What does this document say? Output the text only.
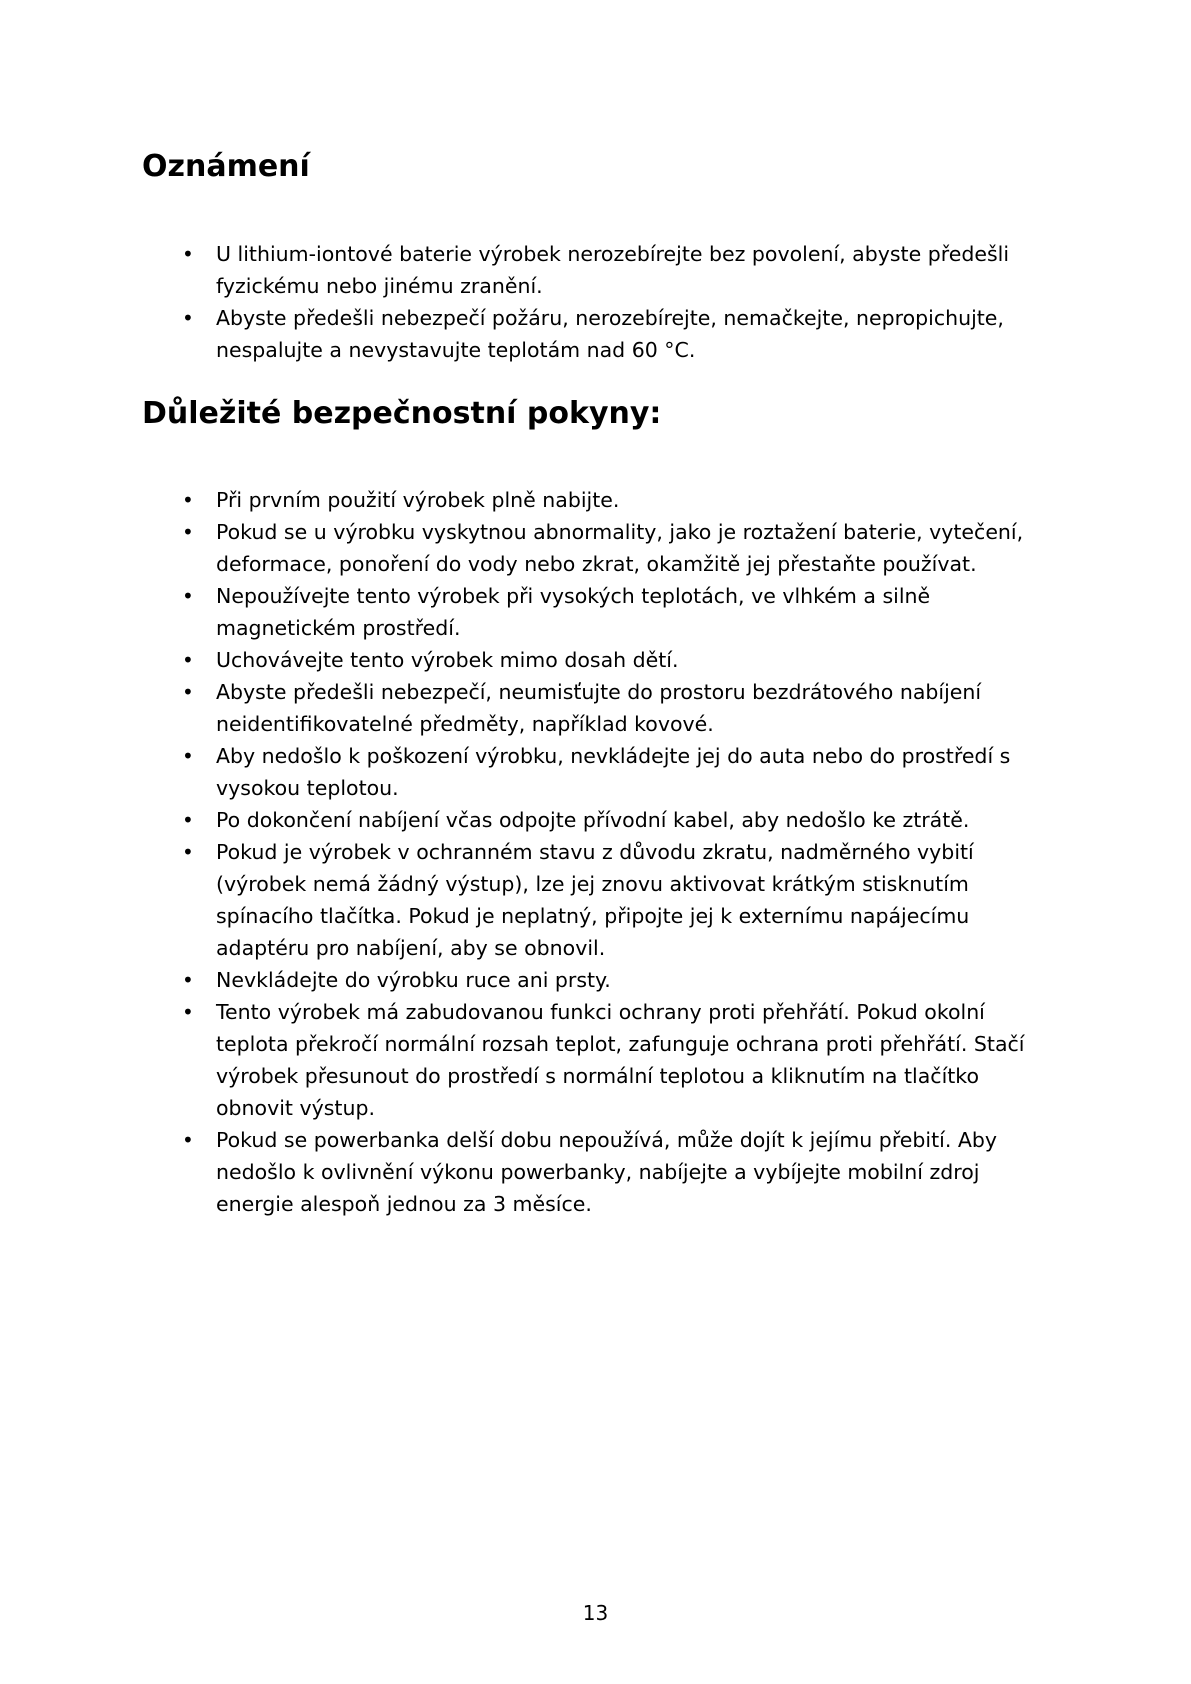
Oznámení
• U lithium-iontové baterie výrobek nerozebírejte bez povolení, abyste předešli fyzickému nebo jinému zranění.
• Abyste předešli nebezpečí požáru, nerozebírejte, nemačkejte, nepropichujte, nespalujte a nevystavujte teplotám nad 60 °C.
Důležité bezpečnostní pokyny:
• Při prvním použití výrobek plně nabijte.
• Pokud se u výrobku vyskytnou abnormality, jako je roztažení baterie, vytečení, deformace, ponoření do vody nebo zkrat, okamžitě jej přestaňte používat.
• Nepoužívejte tento výrobek při vysokých teplotách, ve vlhkém a silně magnetickém prostředí.
• Uchovávejte tento výrobek mimo dosah dětí.
• Abyste předešli nebezpečí, neumisťujte do prostoru bezdrátového nabíjení neidentifikovatelné předměty, například kovové.
• Aby nedošlo k poškození výrobku, nevkládejte jej do auta nebo do prostředí s vysokou teplotou.
• Po dokončení nabíjení včas odpojte přívodní kabel, aby nedošlo ke ztrátě.
• Pokud je výrobek v ochranném stavu z důvodu zkratu, nadměrného vybití (výrobek nemá žádný výstup), lze jej znovu aktivovat krátkým stisknutím spínacího tlačítka. Pokud je neplatný, připojte jej k externímu napájecímu adaptéru pro nabíjení, aby se obnovil.
• Nevkládejte do výrobku ruce ani prsty.
• Tento výrobek má zabudovanou funkci ochrany proti přehřátí. Pokud okolní teplota překročí normální rozsah teplot, zafunguje ochrana proti přehřátí. Stačí výrobek přesunout do prostředí s normální teplotou a kliknutím na tlačítko obnovit výstup.
• Pokud se powerbanka delší dobu nepoužívá, může dojít k jejímu přebití. Aby nedošlo k ovlivnění výkonu powerbanky, nabíjejte a vybíjejte mobilní zdroj energie alespoň jednou za 3 měsíce.
13
